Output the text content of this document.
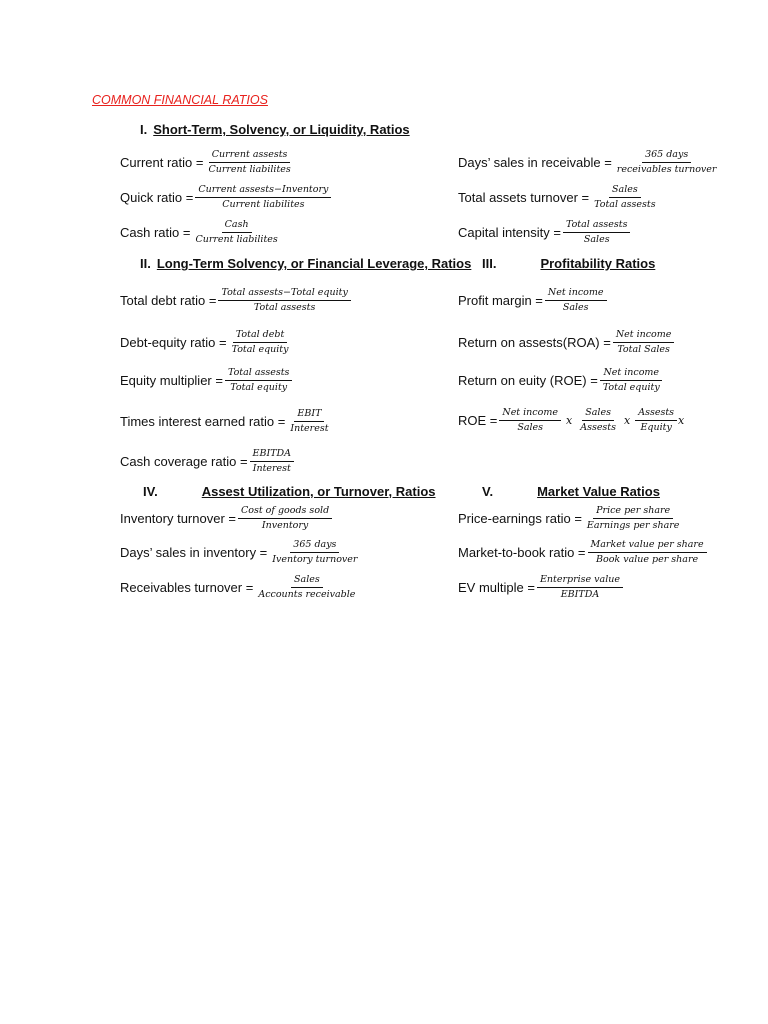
COMMON FINANCIAL RATIOS
I. Short-Term, Solvency, or Liquidity, Ratios
Current ratio = $\frac{\text{Current assests}}{\text{Current liabilites}}$
Quick ratio = $\frac{\text{Current assests−Inventory}}{\text{Current liabilites}}$
Cash ratio = $\frac{\text{Cash}}{\text{Current liabilites}}$
Days’ sales in receivable = $\frac{\text{365 days}}{\text{receivables turnover}}$
Total assets turnover = $\frac{\text{Sales}}{\text{Total assests}}$
Capital intensity = $\frac{\text{Total assests}}{\text{Sales}}$
II. Long-Term Solvency, or Financial Leverage, Ratios III.	Profitability Ratios
Total debt ratio = $\frac{\text{Total assests−Total equity}}{\text{Total assests}}$
Debt-equity ratio = $\frac{\text{Total debt}}{\text{Total equity}}$
Equity multiplier = $\frac{\text{Total assests}}{\text{Total equity}}$
Times interest earned ratio = $\frac{\text{EBIT}}{\text{Interest}}$
Cash coverage ratio = $\frac{\text{EBITDA}}{\text{Interest}}$
Profit margin = $\frac{\text{Net income}}{\text{Sales}}$
Return on assests(ROA) = $\frac{\text{Net income}}{\text{Total Sales}}$
Return on euity $(ROE) = \frac{\text{Net income}}{\text{Total equity}}$
ROE = $\frac{\text{Net income}}{\text{Sales}}$ x $\frac{\text{Sales}}{\text{Assests}}$ x $\frac{\text{Assests}}{\text{Equity}}$ x
IV.	Assest Utilization, or Turnover, Ratios	V.	Market Value Ratios
Inventory turnover = $\frac{\text{Cost of goods sold}}{\text{Inventory}}$
Days’ sales in inventory = $\frac{\text{365 days}}{\text{Iventory turnover}}$
Receivables turnover = $\frac{\text{Sales}}{\text{Accounts receivable}}$
Price-earnings ratio = $\frac{\text{Price per share}}{\text{Earnings per share}}$
Market-to-book ratio = $\frac{\text{Market value per share}}{\text{Book value per share}}$
EV multiple = $\frac{\text{Enterprise value}}{\text{EBITDA}}$
